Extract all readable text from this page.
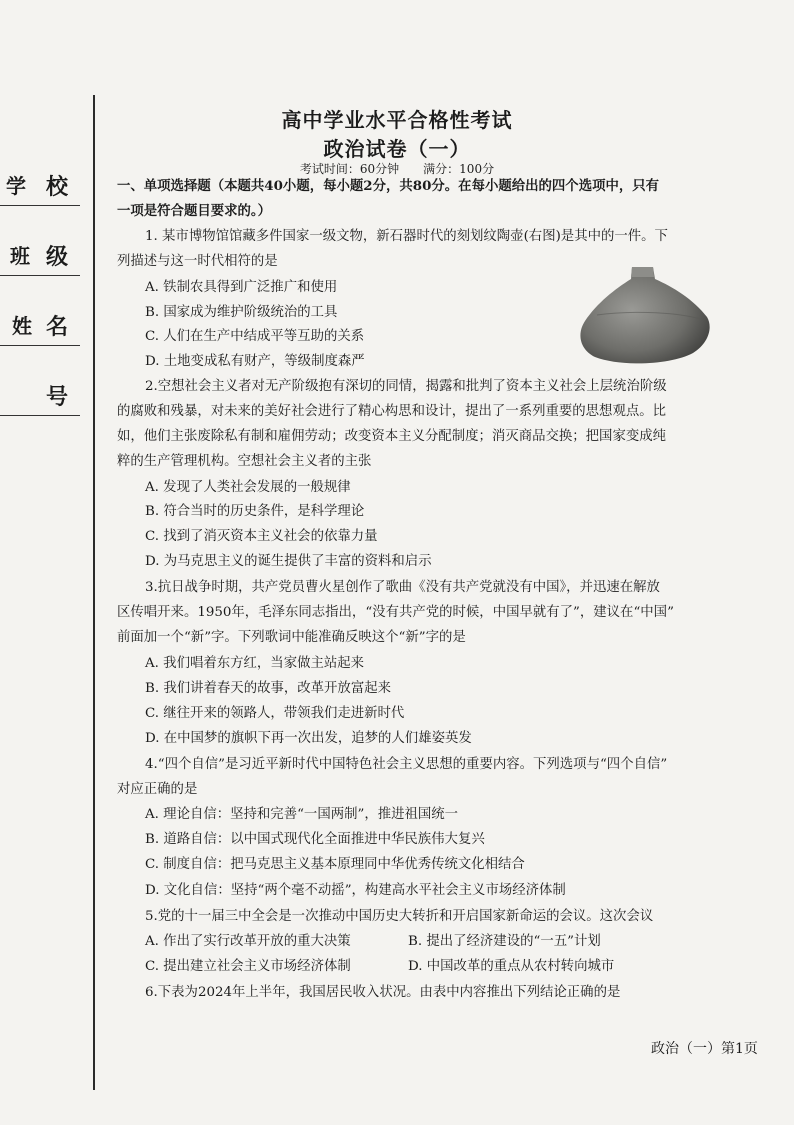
学 校
班 级
姓 名
号
高中学业水平合格性考试
政治试卷（一）
考试时间：60分钟　　满分：100分
一、单项选择题（本题共40小题，每小题2分，共80分。在每小题给出的四个选项中，只有
一项是符合题目要求的。）
1. 某市博物馆馆藏多件国家一级文物，新石器时代的刻划纹陶壶(右图)是其中的一件。下
列描述与这一时代相符的是
A. 铁制农具得到广泛推广和使用
B. 国家成为维护阶级统治的工具
C. 人们在生产中结成平等互助的关系
D. 土地变成私有财产，等级制度森严
2.空想社会主义者对无产阶级抱有深切的同情，揭露和批判了资本主义社会上层统治阶级
的腐败和残暴，对未来的美好社会进行了精心构思和设计，提出了一系列重要的思想观点。比
如，他们主张废除私有制和雇佣劳动；改变资本主义分配制度；消灭商品交换；把国家变成纯
粹的生产管理机构。空想社会主义者的主张
A. 发现了人类社会发展的一般规律
B. 符合当时的历史条件，是科学理论
C. 找到了消灭资本主义社会的依靠力量
D. 为马克思主义的诞生提供了丰富的资料和启示
3.抗日战争时期，共产党员曹火星创作了歌曲《没有共产党就没有中国》，并迅速在解放
区传唱开来。1950年，毛泽东同志指出，“没有共产党的时候，中国早就有了”，建议在“中国”
前面加一个“新”字。下列歌词中能准确反映这个“新”字的是
A. 我们唱着东方红，当家做主站起来
B. 我们讲着春天的故事，改革开放富起来
C. 继往开来的领路人，带领我们走进新时代
D. 在中国梦的旗帜下再一次出发，追梦的人们雄姿英发
4.“四个自信”是习近平新时代中国特色社会主义思想的重要内容。下列选项与“四个自信”
对应正确的是
A. 理论自信：坚持和完善“一国两制”，推进祖国统一
B. 道路自信：以中国式现代化全面推进中华民族伟大复兴
C. 制度自信：把马克思主义基本原理同中华优秀传统文化相结合
D. 文化自信：坚持“两个毫不动摇”，构建高水平社会主义市场经济体制
5.党的十一届三中全会是一次推动中国历史大转折和开启国家新命运的会议。这次会议
A. 作出了实行改革开放的重大决策	B. 提出了经济建设的“一五”计划
C. 提出建立社会主义市场经济体制	D. 中国改革的重点从农村转向城市
6.下表为2024年上半年，我国居民收入状况。由表中内容推出下列结论正确的是
政治（一）第1页
